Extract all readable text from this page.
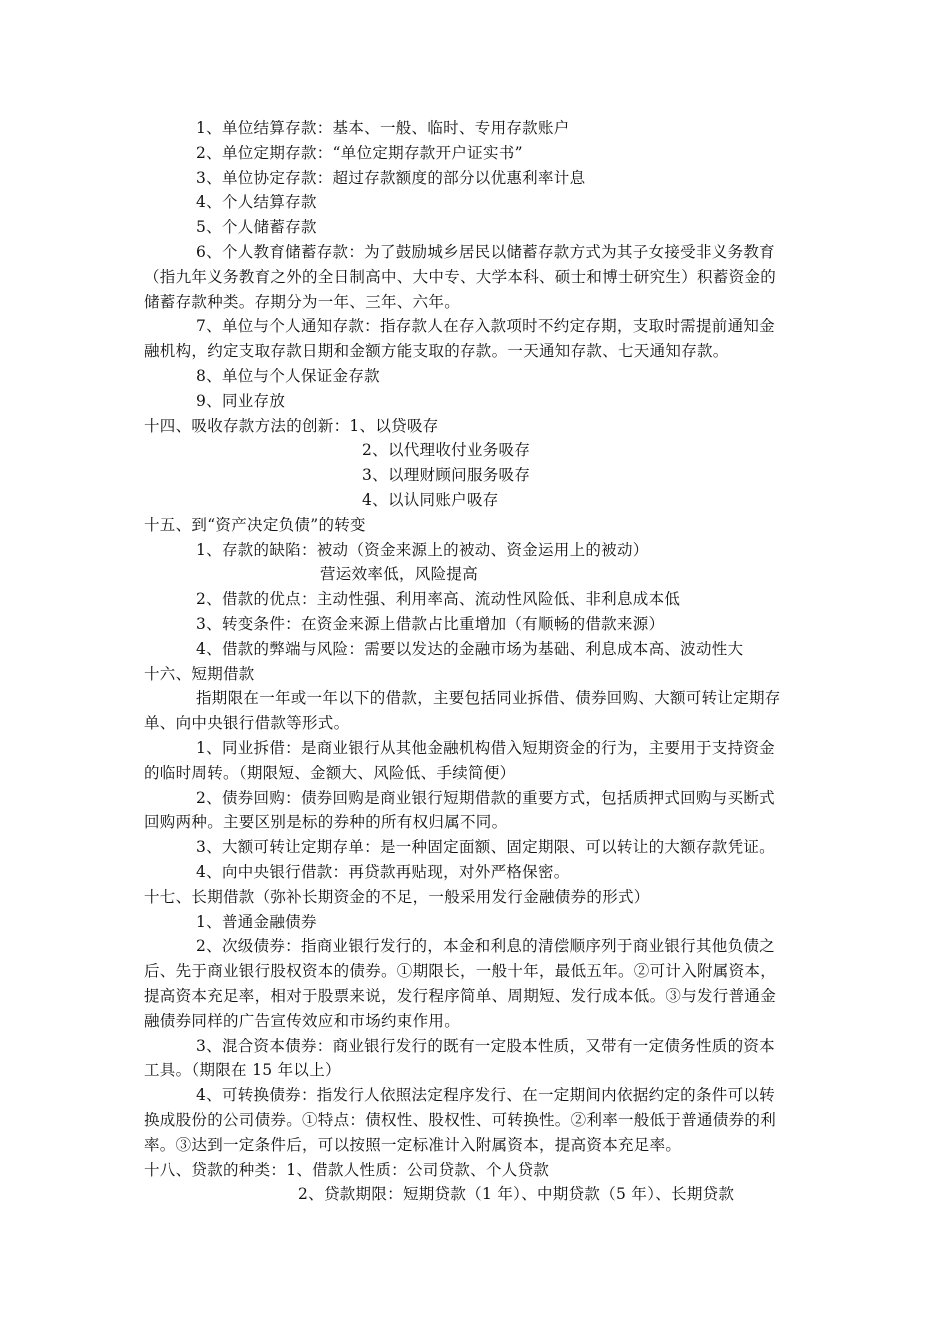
1、单位结算存款：基本、一般、临时、专用存款账户
2、单位定期存款：“单位定期存款开户证实书”
3、单位协定存款：超过存款额度的部分以优惠利率计息
4、个人结算存款
5、个人储蓄存款
6、个人教育储蓄存款：为了鼓励城乡居民以储蓄存款方式为其子女接受非义务教育
（指九年义务教育之外的全日制高中、大中专、大学本科、硕士和博士研究生）积蓄资金的
储蓄存款种类。存期分为一年、三年、六年。
7、单位与个人通知存款：指存款人在存入款项时不约定存期，支取时需提前通知金
融机构，约定支取存款日期和金额方能支取的存款。一天通知存款、七天通知存款。
8、单位与个人保证金存款
9、同业存放
十四、吸收存款方法的创新：1、以贷吸存
2、以代理收付业务吸存
3、以理财顾问服务吸存
4、以认同账户吸存
十五、到“资产决定负债”的转变
1、存款的缺陷：被动（资金来源上的被动、资金运用上的被动）
营运效率低，风险提高
2、借款的优点：主动性强、利用率高、流动性风险低、非利息成本低
3、转变条件：在资金来源上借款占比重增加（有顺畅的借款来源）
4、借款的弊端与风险：需要以发达的金融市场为基础、利息成本高、波动性大
十六、短期借款
指期限在一年或一年以下的借款，主要包括同业拆借、债券回购、大额可转让定期存
单、向中央银行借款等形式。
1、同业拆借：是商业银行从其他金融机构借入短期资金的行为，主要用于支持资金
的临时周转。（期限短、金额大、风险低、手续简便）
2、债券回购：债券回购是商业银行短期借款的重要方式，包括质押式回购与买断式
回购两种。主要区别是标的券种的所有权归属不同。
3、大额可转让定期存单：是一种固定面额、固定期限、可以转让的大额存款凭证。
4、向中央银行借款：再贷款再贴现，对外严格保密。
十七、长期借款（弥补长期资金的不足，一般采用发行金融债券的形式）
1、普通金融债券
2、次级债券：指商业银行发行的，本金和利息的清偿顺序列于商业银行其他负债之
后、先于商业银行股权资本的债券。①期限长，一般十年，最低五年。②可计入附属资本，
提高资本充足率，相对于股票来说，发行程序简单、周期短、发行成本低。③与发行普通金
融债券同样的广告宣传效应和市场约束作用。
3、混合资本债券：商业银行发行的既有一定股本性质，又带有一定债务性质的资本
工具。（期限在 15 年以上）
4、可转换债券：指发行人依照法定程序发行、在一定期间内依据约定的条件可以转
换成股份的公司债券。①特点：债权性、股权性、可转换性。②利率一般低于普通债券的利
率。③达到一定条件后，可以按照一定标准计入附属资本，提高资本充足率。
十八、贷款的种类：1、借款人性质：公司贷款、个人贷款
2、贷款期限：短期贷款（1 年）、中期贷款（5 年）、长期贷款
